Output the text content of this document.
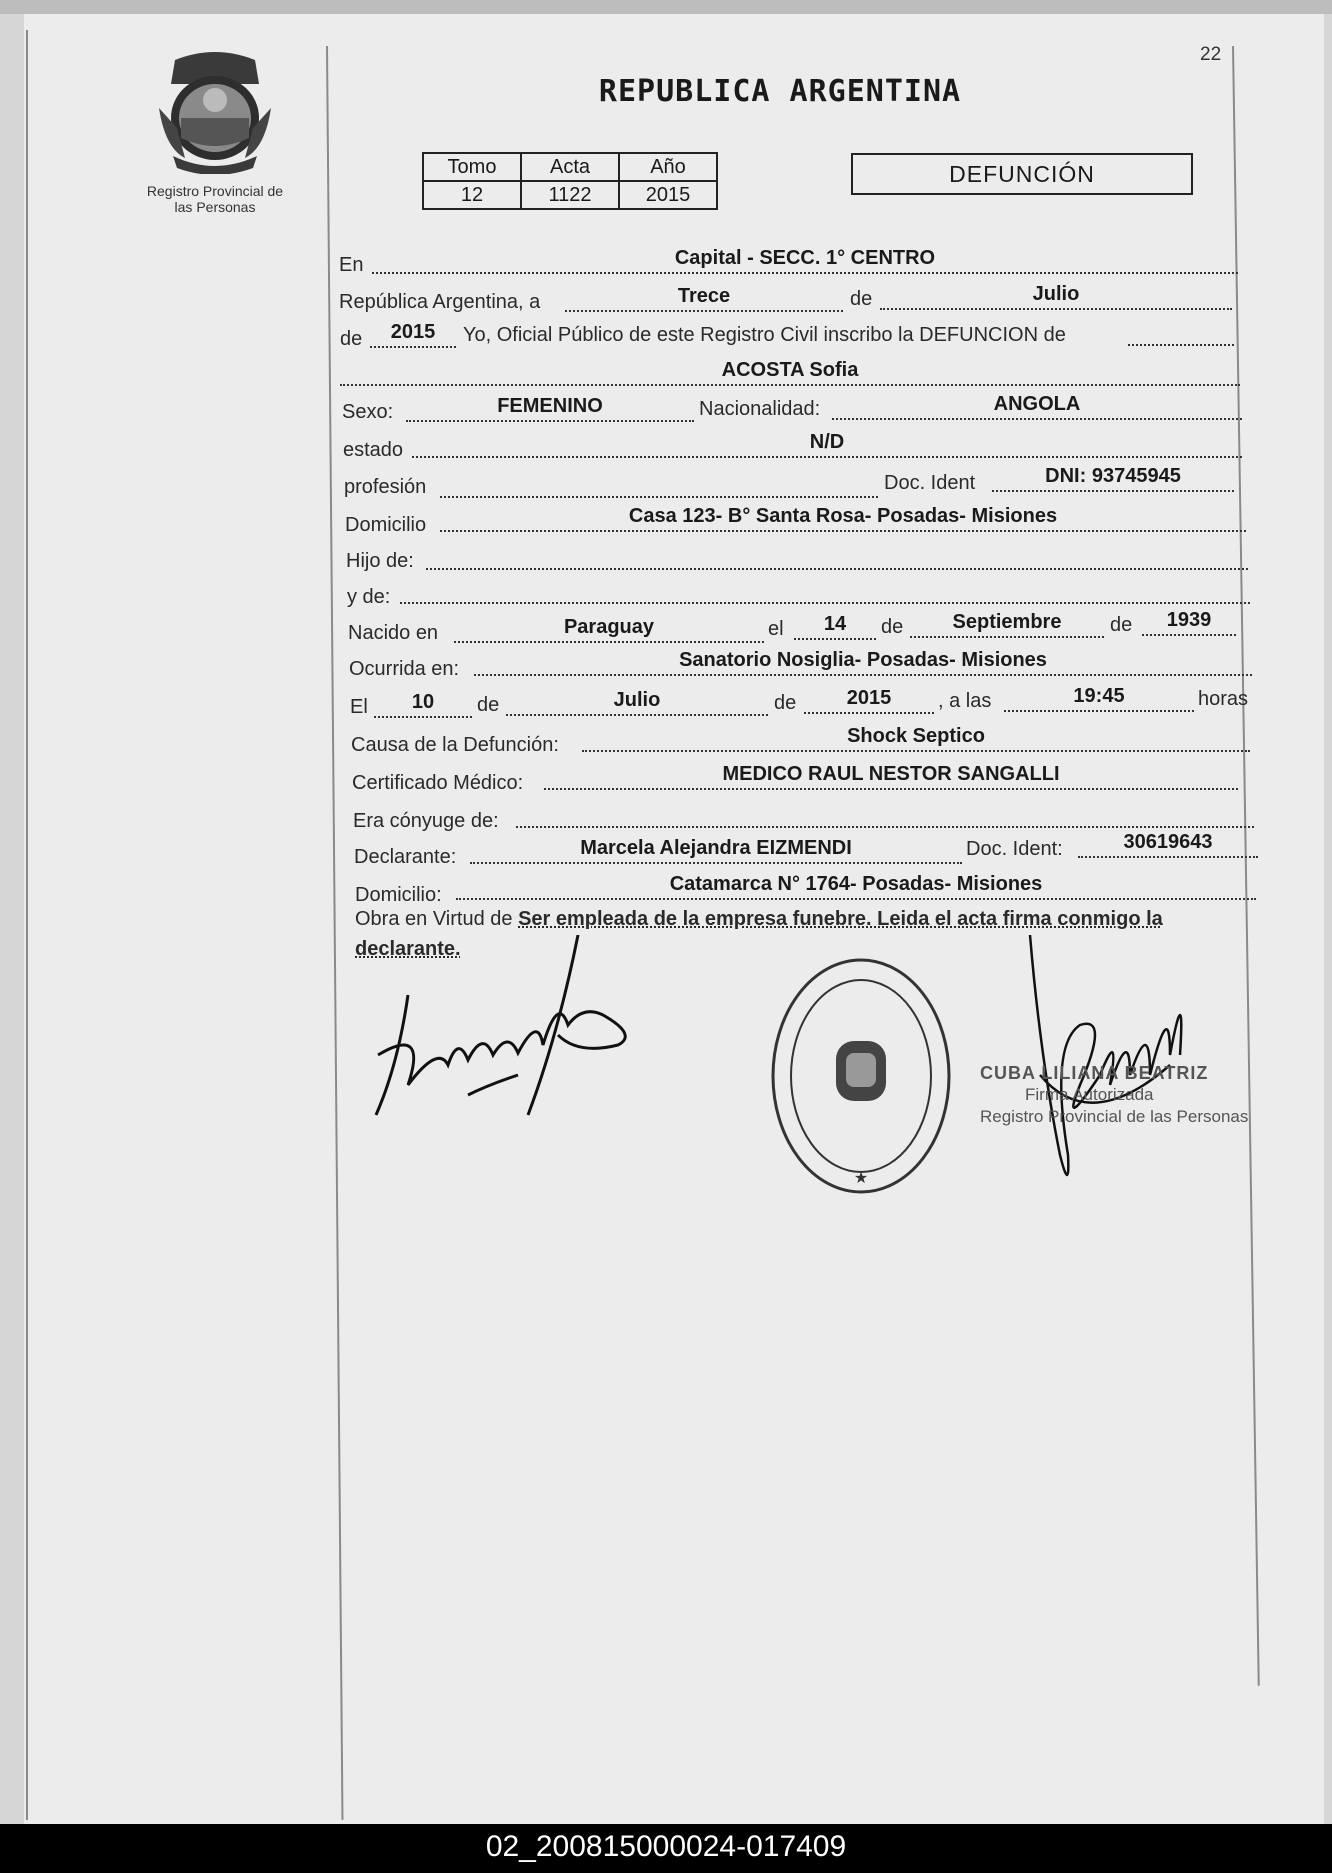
Registro Provincial de
las Personas
22
REPUBLICA ARGENTINA
Tomo	Acta	Año
12	1122	2015
DEFUNCIÓN
En	Capital - SECC. 1° CENTRO
República Argentina, a	Trece	de	Julio
de	2015	Yo, Oficial Público de este Registro Civil inscribo la DEFUNCION de
ACOSTA Sofia
Sexo:	FEMENINO	Nacionalidad:	ANGOLA
estado	N/D
profesión	Doc. Ident	DNI: 93745945
Domicilio	Casa 123- B° Santa Rosa- Posadas- Misiones
Hijo de:
y de:
Nacido en	Paraguay	el	14	de	Septiembre	de	1939
Ocurrida en:	Sanatorio Nosiglia- Posadas- Misiones
El	10	de	Julio	de	2015	, a las	19:45	horas
Causa de la Defunción:	Shock Septico
Certificado Médico:	MEDICO RAUL NESTOR SANGALLI
Era cónyuge de:
Declarante:	Marcela Alejandra EIZMENDI	Doc. Ident:	30619643
Domicilio:	Catamarca N° 1764- Posadas- Misiones
Obra en Virtud de Ser empleada de la empresa funebre. Leida el acta firma conmigo la declarante.
★
CUBA LILIANA BEATRIZ
Firma Autorizada
Registro Provincial de las Personas
02_200815000024-017409
